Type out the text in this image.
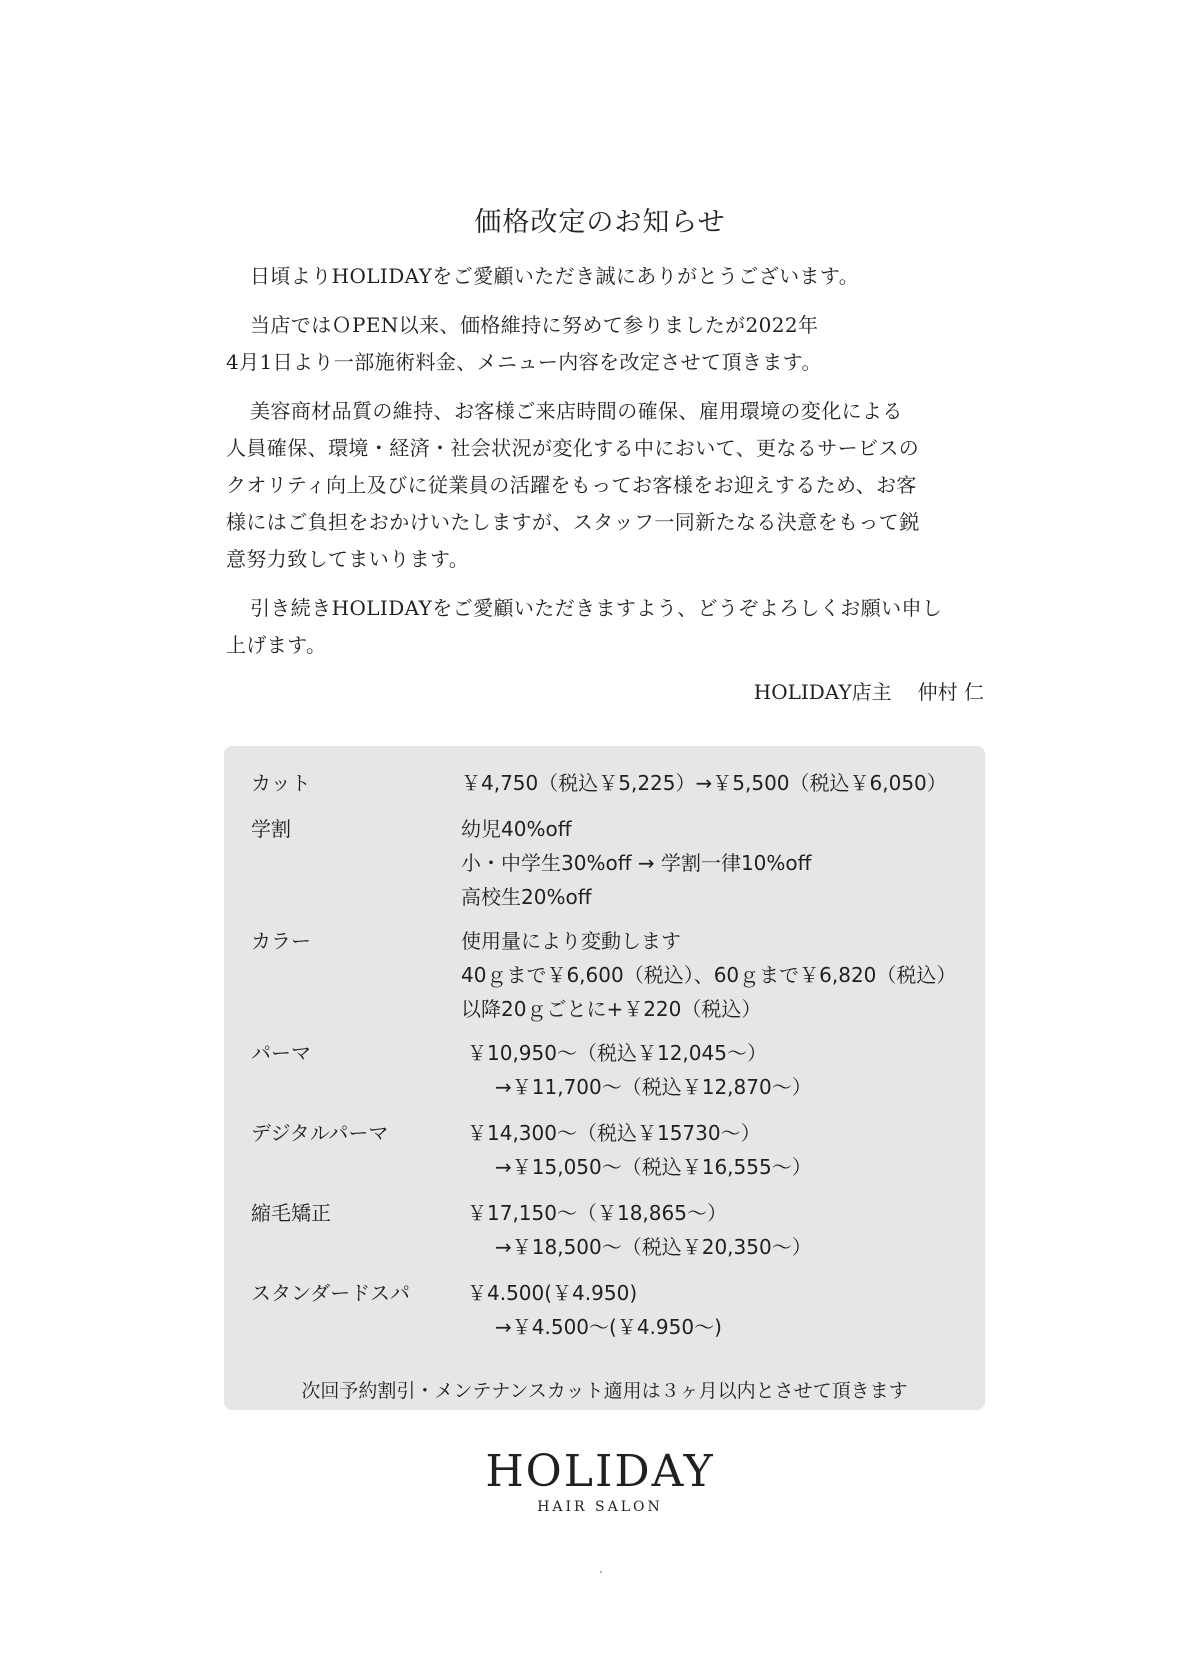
価格改定のお知らせ

日頃よりHOLIDAYをご愛顧いただき誠にありがとうございます。

当店ではＯPEN以来、価格維持に努めて参りましたが2022年
4月1日より一部施術料金、メニュー内容を改定させて頂きます。

美容商材品質の維持、お客様ご来店時間の確保、雇用環境の変化による
人員確保、環境・経済・社会状況が変化する中において、更なるサービスの
クオリティ向上及びに従業員の活躍をもってお客様をお迎えするため、お客
様にはご負担をおかけいたしますが、スタッフ一同新たなる決意をもって鋭
意努力致してまいります。

引き続きHOLIDAYをご愛顧いただきますよう、どうぞよろしくお願い申し
上げます。

HOLIDAY店主 仲村 仁
カット	￥4,750（税込￥5,225）→￥5,500（税込￥6,050）
学割	幼児40%off
小・中学生30%off → 学割一律10%off
高校生20%off
カラー	使用量により変動します
40ｇまで￥6,600（税込）、60ｇまで￥6,820（税込）
以降20ｇごとに+￥220（税込）
パーマ	￥10,950～（税込￥12,045～）
→￥11,700～（税込￥12,870～）
デジタルパーマ	￥14,300～（税込￥15730～）
→￥15,050～（税込￥16,555～）
縮毛矯正	￥17,150～（￥18,865～）
→￥18,500～（税込￥20,350～）
スタンダードスパ	￥4.500(￥4.950)
→￥4.500～(￥4.950～)
次回予約割引・メンテナンスカット適用は３ヶ月以内とさせて頂きます
HOLIDAY
HAIR SALON
